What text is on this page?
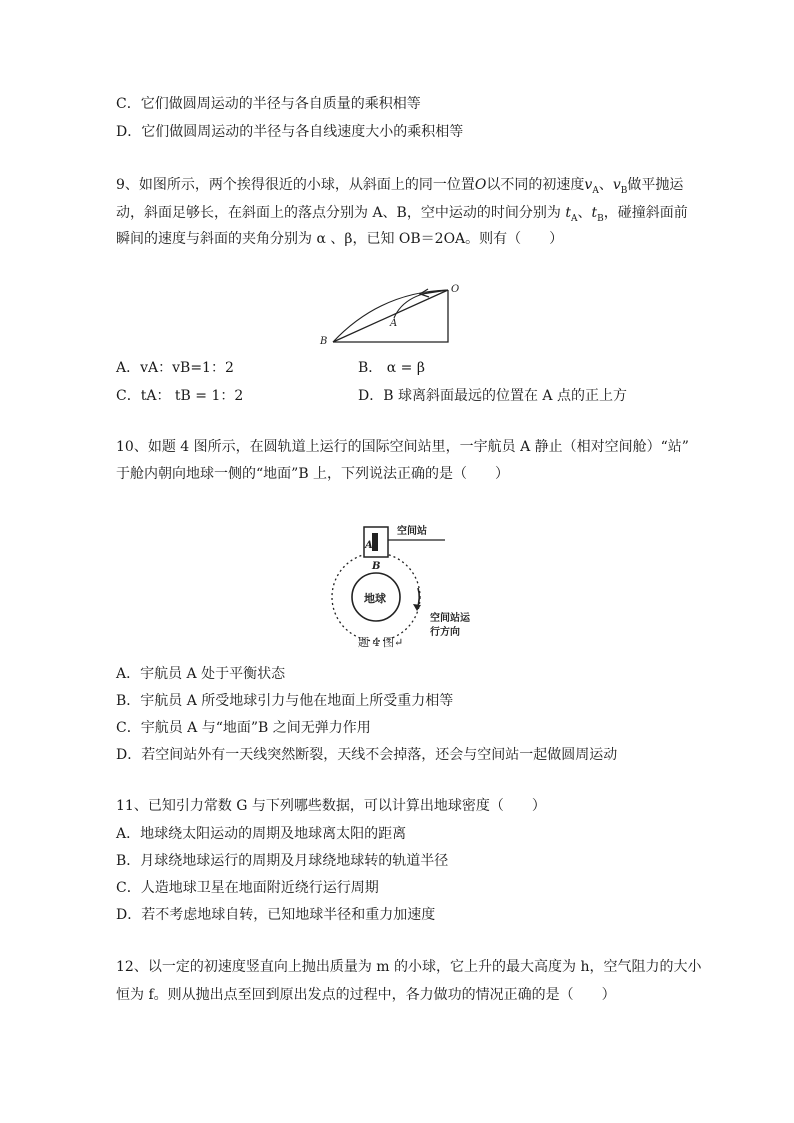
C．它们做圆周运动的半径与各自质量的乘积相等
D．它们做圆周运动的半径与各自线速度大小的乘积相等
9、如图所示，两个挨得很近的小球，从斜面上的同一位置O以不同的初速度$v_A$、$v_B$做平抛运
动，斜面足够长，在斜面上的落点分别为 A、B，空中运动的时间分别为 $t_A$、$t_B$，碰撞斜面前
瞬间的速度与斜面的夹角分别为 α 、β，已知 OB＝2OA。则有（　　）
O
A
B
A．vA：vB=1：2	B． α = β
C．tA： tB = 1：2	D．B 球离斜面最远的位置在 A 点的正上方
10、如题 4 图所示，在圆轨道上运行的国际空间站里，一宇航员 A 静止（相对空间舱）“站”
于舱内朝向地球一侧的“地面”B 上，下列说法正确的是（　　）
地球
A
空间站
B
空间站运
行方向
题 4 图↵
A．宇航员 A 处于平衡状态
B．宇航员 A 所受地球引力与他在地面上所受重力相等
C．宇航员 A 与“地面”B 之间无弹力作用
D．若空间站外有一天线突然断裂，天线不会掉落，还会与空间站一起做圆周运动
11、已知引力常数 G 与下列哪些数据，可以计算出地球密度（　　）
A．地球绕太阳运动的周期及地球离太阳的距离
B．月球绕地球运行的周期及月球绕地球转的轨道半径
C．人造地球卫星在地面附近绕行运行周期
D．若不考虑地球自转，已知地球半径和重力加速度
12、以一定的初速度竖直向上抛出质量为 m 的小球，它上升的最大高度为 h，空气阻力的大小
恒为 f。则从抛出点至回到原出发点的过程中，各力做功的情况正确的是（　　）
